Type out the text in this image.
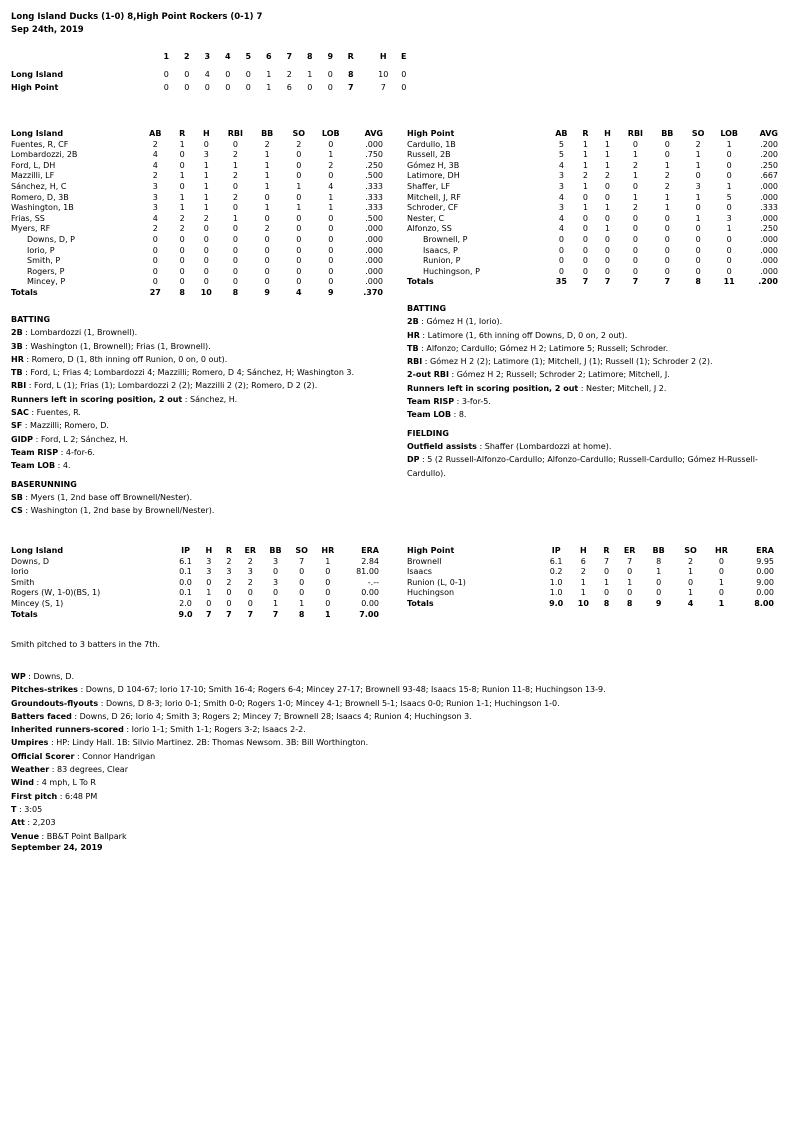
Long Island Ducks (1-0) 8,High Point Rockers (0-1) 7
Sep 24th, 2019
	1	2	3	4	5	6	7	8	9	R		H	E

Long Island	0	0	4	0	0	1	2	1	0	8		10	0
High Point	0	0	0	0	0	1	6	0	0	7		7	0
Long Island	AB	R	H	RBI	BB	SO	LOB	AVG
Fuentes, R, CF	2	1	0	0	2	2	0	.000
Lombardozzi, 2B	4	0	3	2	1	0	1	.750
Ford, L, DH	4	0	1	1	1	0	2	.250
Mazzilli, LF	2	1	1	2	1	0	0	.500
Sánchez, H, C	3	0	1	0	1	1	4	.333
Romero, D, 3B	3	1	1	2	0	0	1	.333
Washington, 1B	3	1	1	0	1	1	1	.333
Frias, SS	4	2	2	1	0	0	0	.500
Myers, RF	2	2	0	0	2	0	0	.000
Downs, D, P	0	0	0	0	0	0	0	.000
Iorio, P	0	0	0	0	0	0	0	.000
Smith, P	0	0	0	0	0	0	0	.000
Rogers, P	0	0	0	0	0	0	0	.000
Mincey, P	0	0	0	0	0	0	0	.000
Totals	27	8	10	8	9	4	9	.370
High Point	AB	R	H	RBI	BB	SO	LOB	AVG
Cardullo, 1B	5	1	1	0	0	2	1	.200
Russell, 2B	5	1	1	1	0	1	0	.200
Gómez H, 3B	4	1	1	2	1	1	0	.250
Latimore, DH	3	2	2	1	2	0	0	.667
Shaffer, LF	3	1	0	0	2	3	1	.000
Mitchell, J, RF	4	0	0	1	1	1	5	.000
Schroder, CF	3	1	1	2	1	0	0	.333
Nester, C	4	0	0	0	0	1	3	.000
Alfonzo, SS	4	0	1	0	0	0	1	.250
Brownell, P	0	0	0	0	0	0	0	.000
Isaacs, P	0	0	0	0	0	0	0	.000
Runion, P	0	0	0	0	0	0	0	.000
Huchingson, P	0	0	0	0	0	0	0	.000
Totals	35	7	7	7	7	8	11	.200
BATTING
2B : Lombardozzi (1, Brownell).
3B : Washington (1, Brownell); Frias (1, Brownell).
HR : Romero, D (1, 8th inning off Runion, 0 on, 0 out).
TB : Ford, L; Frias 4; Lombardozzi 4; Mazzilli; Romero, D 4; Sánchez, H; Washington 3.
RBI : Ford, L (1); Frias (1); Lombardozzi 2 (2); Mazzilli 2 (2); Romero, D 2 (2).
Runners left in scoring position, 2 out : Sánchez, H.
SAC : Fuentes, R.
SF : Mazzilli; Romero, D.
GIDP : Ford, L 2; Sánchez, H.
Team RISP : 4-for-6.
Team LOB : 4.
BASERUNNING
SB : Myers (1, 2nd base off Brownell/Nester).
CS : Washington (1, 2nd base by Brownell/Nester).
BATTING
2B : Gómez H (1, Iorio).
HR : Latimore (1, 6th inning off Downs, D, 0 on, 2 out).
TB : Alfonzo; Cardullo; Gómez H 2; Latimore 5; Russell; Schroder.
RBI : Gómez H 2 (2); Latimore (1); Mitchell, J (1); Russell (1); Schroder 2 (2).
2-out RBI : Gómez H 2; Russell; Schroder 2; Latimore; Mitchell, J.
Runners left in scoring position, 2 out : Nester; Mitchell, J 2.
Team RISP : 3-for-5.
Team LOB : 8.
FIELDING
Outfield assists : Shaffer (Lombardozzi at home).
DP : 5 (2 Russell-Alfonzo-Cardullo; Alfonzo-Cardullo; Russell-Cardullo; Gómez H-Russell-
Cardullo).
Long Island	IP	H	R	ER	BB	SO	HR	ERA
Downs, D	6.1	3	2	2	3	7	1	2.84
Iorio	0.1	3	3	3	0	0	0	81.00
Smith	0.0	0	2	2	3	0	0	-.--
Rogers (W, 1-0)(BS, 1)	0.1	1	0	0	0	0	0	0.00
Mincey (S, 1)	2.0	0	0	0	1	1	0	0.00
Totals	9.0	7	7	7	7	8	1	7.00
High Point	IP	H	R	ER	BB	SO	HR	ERA
Brownell	6.1	6	7	7	8	2	0	9.95
Isaacs	0.2	2	0	0	1	1	0	0.00
Runion (L, 0-1)	1.0	1	1	1	0	0	1	9.00
Huchingson	1.0	1	0	0	0	1	0	0.00
Totals	9.0	10	8	8	9	4	1	8.00
Smith pitched to 3 batters in the 7th.
WP : Downs, D.
Pitches-strikes : Downs, D 104-67; Iorio 17-10; Smith 16-4; Rogers 6-4; Mincey 27-17; Brownell 93-48; Isaacs 15-8; Runion 11-8; Huchingson 13-9.
Groundouts-flyouts : Downs, D 8-3; Iorio 0-1; Smith 0-0; Rogers 1-0; Mincey 4-1; Brownell 5-1; Isaacs 0-0; Runion 1-1; Huchingson 1-0.
Batters faced : Downs, D 26; Iorio 4; Smith 3; Rogers 2; Mincey 7; Brownell 28; Isaacs 4; Runion 4; Huchingson 3.
Inherited runners-scored : Iorio 1-1; Smith 1-1; Rogers 3-2; Isaacs 2-2.
Umpires : HP: Lindy Hall. 1B: Silvio Martinez. 2B: Thomas Newsom. 3B: Bill Worthington.
Official Scorer : Connor Handrigan
Weather : 83 degrees, Clear
Wind : 4 mph, L To R
First pitch : 6:48 PM
T : 3:05
Att : 2,203
Venue : BB&T Point Ballpark
September 24, 2019
